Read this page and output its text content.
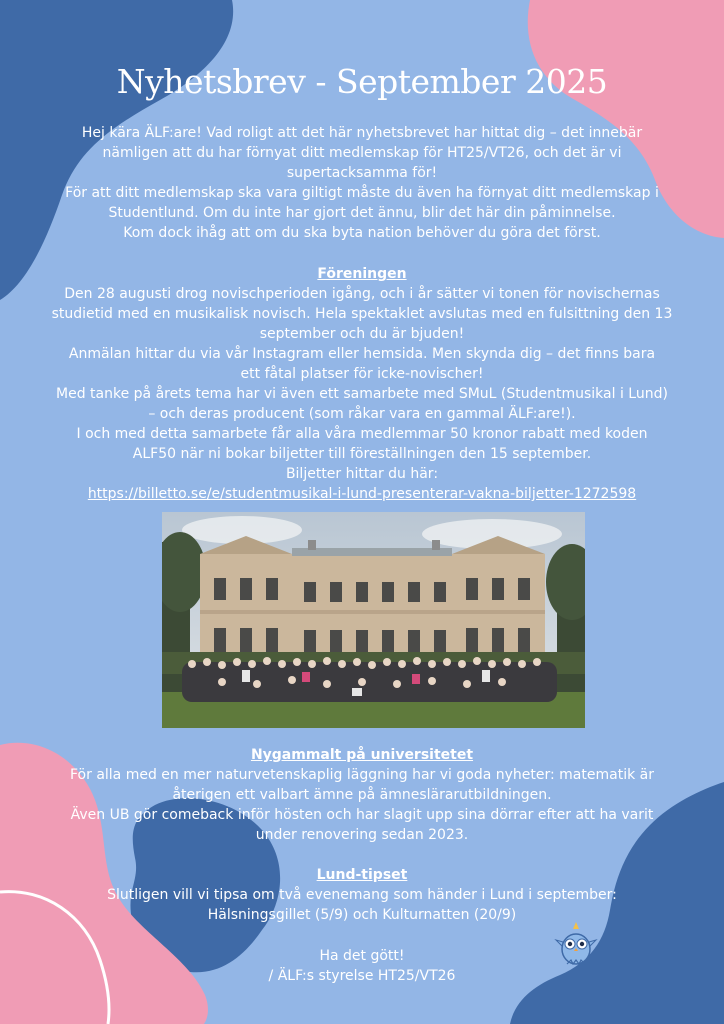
Nyhetsbrev - September 2025
Hej kära ÄLF:are! Vad roligt att det här nyhetsbrevet har hittat dig – det innebär
nämligen att du har förnyat ditt medlemskap för HT25/VT26, och det är vi
supertacksamma för!
För att ditt medlemskap ska vara giltigt måste du även ha förnyat ditt medlemskap i
Studentlund. Om du inte har gjort det ännu, blir det här din påminnelse.
Kom dock ihåg att om du ska byta nation behöver du göra det först.
Föreningen
Den 28 augusti drog novischperioden igång, och i år sätter vi tonen för novischernas
studietid med en musikalisk novisch. Hela spektaklet avslutas med en fulsittning den 13
september och du är bjuden!
Anmälan hittar du via vår Instagram eller hemsida. Men skynda dig – det finns bara
ett fåtal platser för icke-novischer!
Med tanke på årets tema har vi även ett samarbete med SMuL (Studentmusikal i Lund)
– och deras producent (som råkar vara en gammal ÄLF:are!).
I och med detta samarbete får alla våra medlemmar 50 kronor rabatt med koden
ALF50 när ni bokar biljetter till föreställningen den 15 september.
Biljetter hittar du här:
https://billetto.se/e/studentmusikal-i-lund-presenterar-vakna-biljetter-1272598
Nygammalt på universitetet
För alla med en mer naturvetenskaplig läggning har vi goda nyheter: matematik är
återigen ett valbart ämne på ämneslärarutbildningen.
Även UB gör comeback inför hösten och har slagit upp sina dörrar efter att ha varit
under renovering sedan 2023.
Lund-tipset
Slutligen vill vi tipsa om två evenemang som händer i Lund i september:
Hälsningsgillet (5/9) och Kulturnatten (20/9)
Ha det gött!
/ ÄLF:s styrelse HT25/VT26
